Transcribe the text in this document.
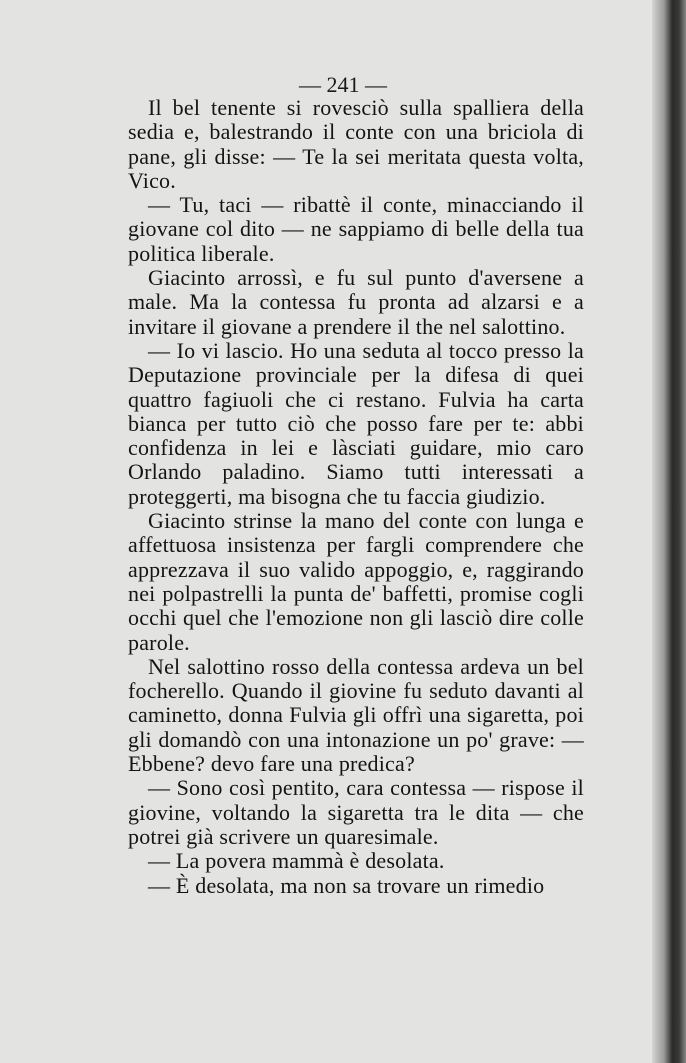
— 241 —

Il bel tenente si rovesciò sulla spalliera della sedia e, balestrando il conte con una briciola di pane, gli disse: — Te la sei meritata questa volta, Vico.

— Tu, taci — ribattè il conte, minacciando il giovane col dito — ne sappiamo di belle della tua politica liberale.

Giacinto arrossì, e fu sul punto d'aversene a male. Ma la contessa fu pronta ad alzarsi e a invitare il giovane a prendere il the nel salottino.

— Io vi lascio. Ho una seduta al tocco presso la Deputazione provinciale per la difesa di quei quattro fagiuoli che ci restano. Fulvia ha carta bianca per tutto ciò che posso fare per te: abbi confidenza in lei e làsciati guidare, mio caro Orlando paladino. Siamo tutti interessati a proteggerti, ma bisogna che tu faccia giudizio.

Giacinto strinse la mano del conte con lunga e affettuosa insistenza per fargli comprendere che apprezzava il suo valido appoggio, e, raggirando nei polpastrelli la punta de' baffetti, promise cogli occhi quel che l'emozione non gli lasciò dire colle parole.

Nel salottino rosso della contessa ardeva un bel focherello. Quando il giovine fu seduto davanti al caminetto, donna Fulvia gli offrì una sigaretta, poi gli domandò con una intonazione un po' grave: — Ebbene? devo fare una predica?

— Sono così pentito, cara contessa — rispose il giovine, voltando la sigaretta tra le dita — che potrei già scrivere un quaresimale.

— La povera mammà è desolata.

— È desolata, ma non sa trovare un rimedio
